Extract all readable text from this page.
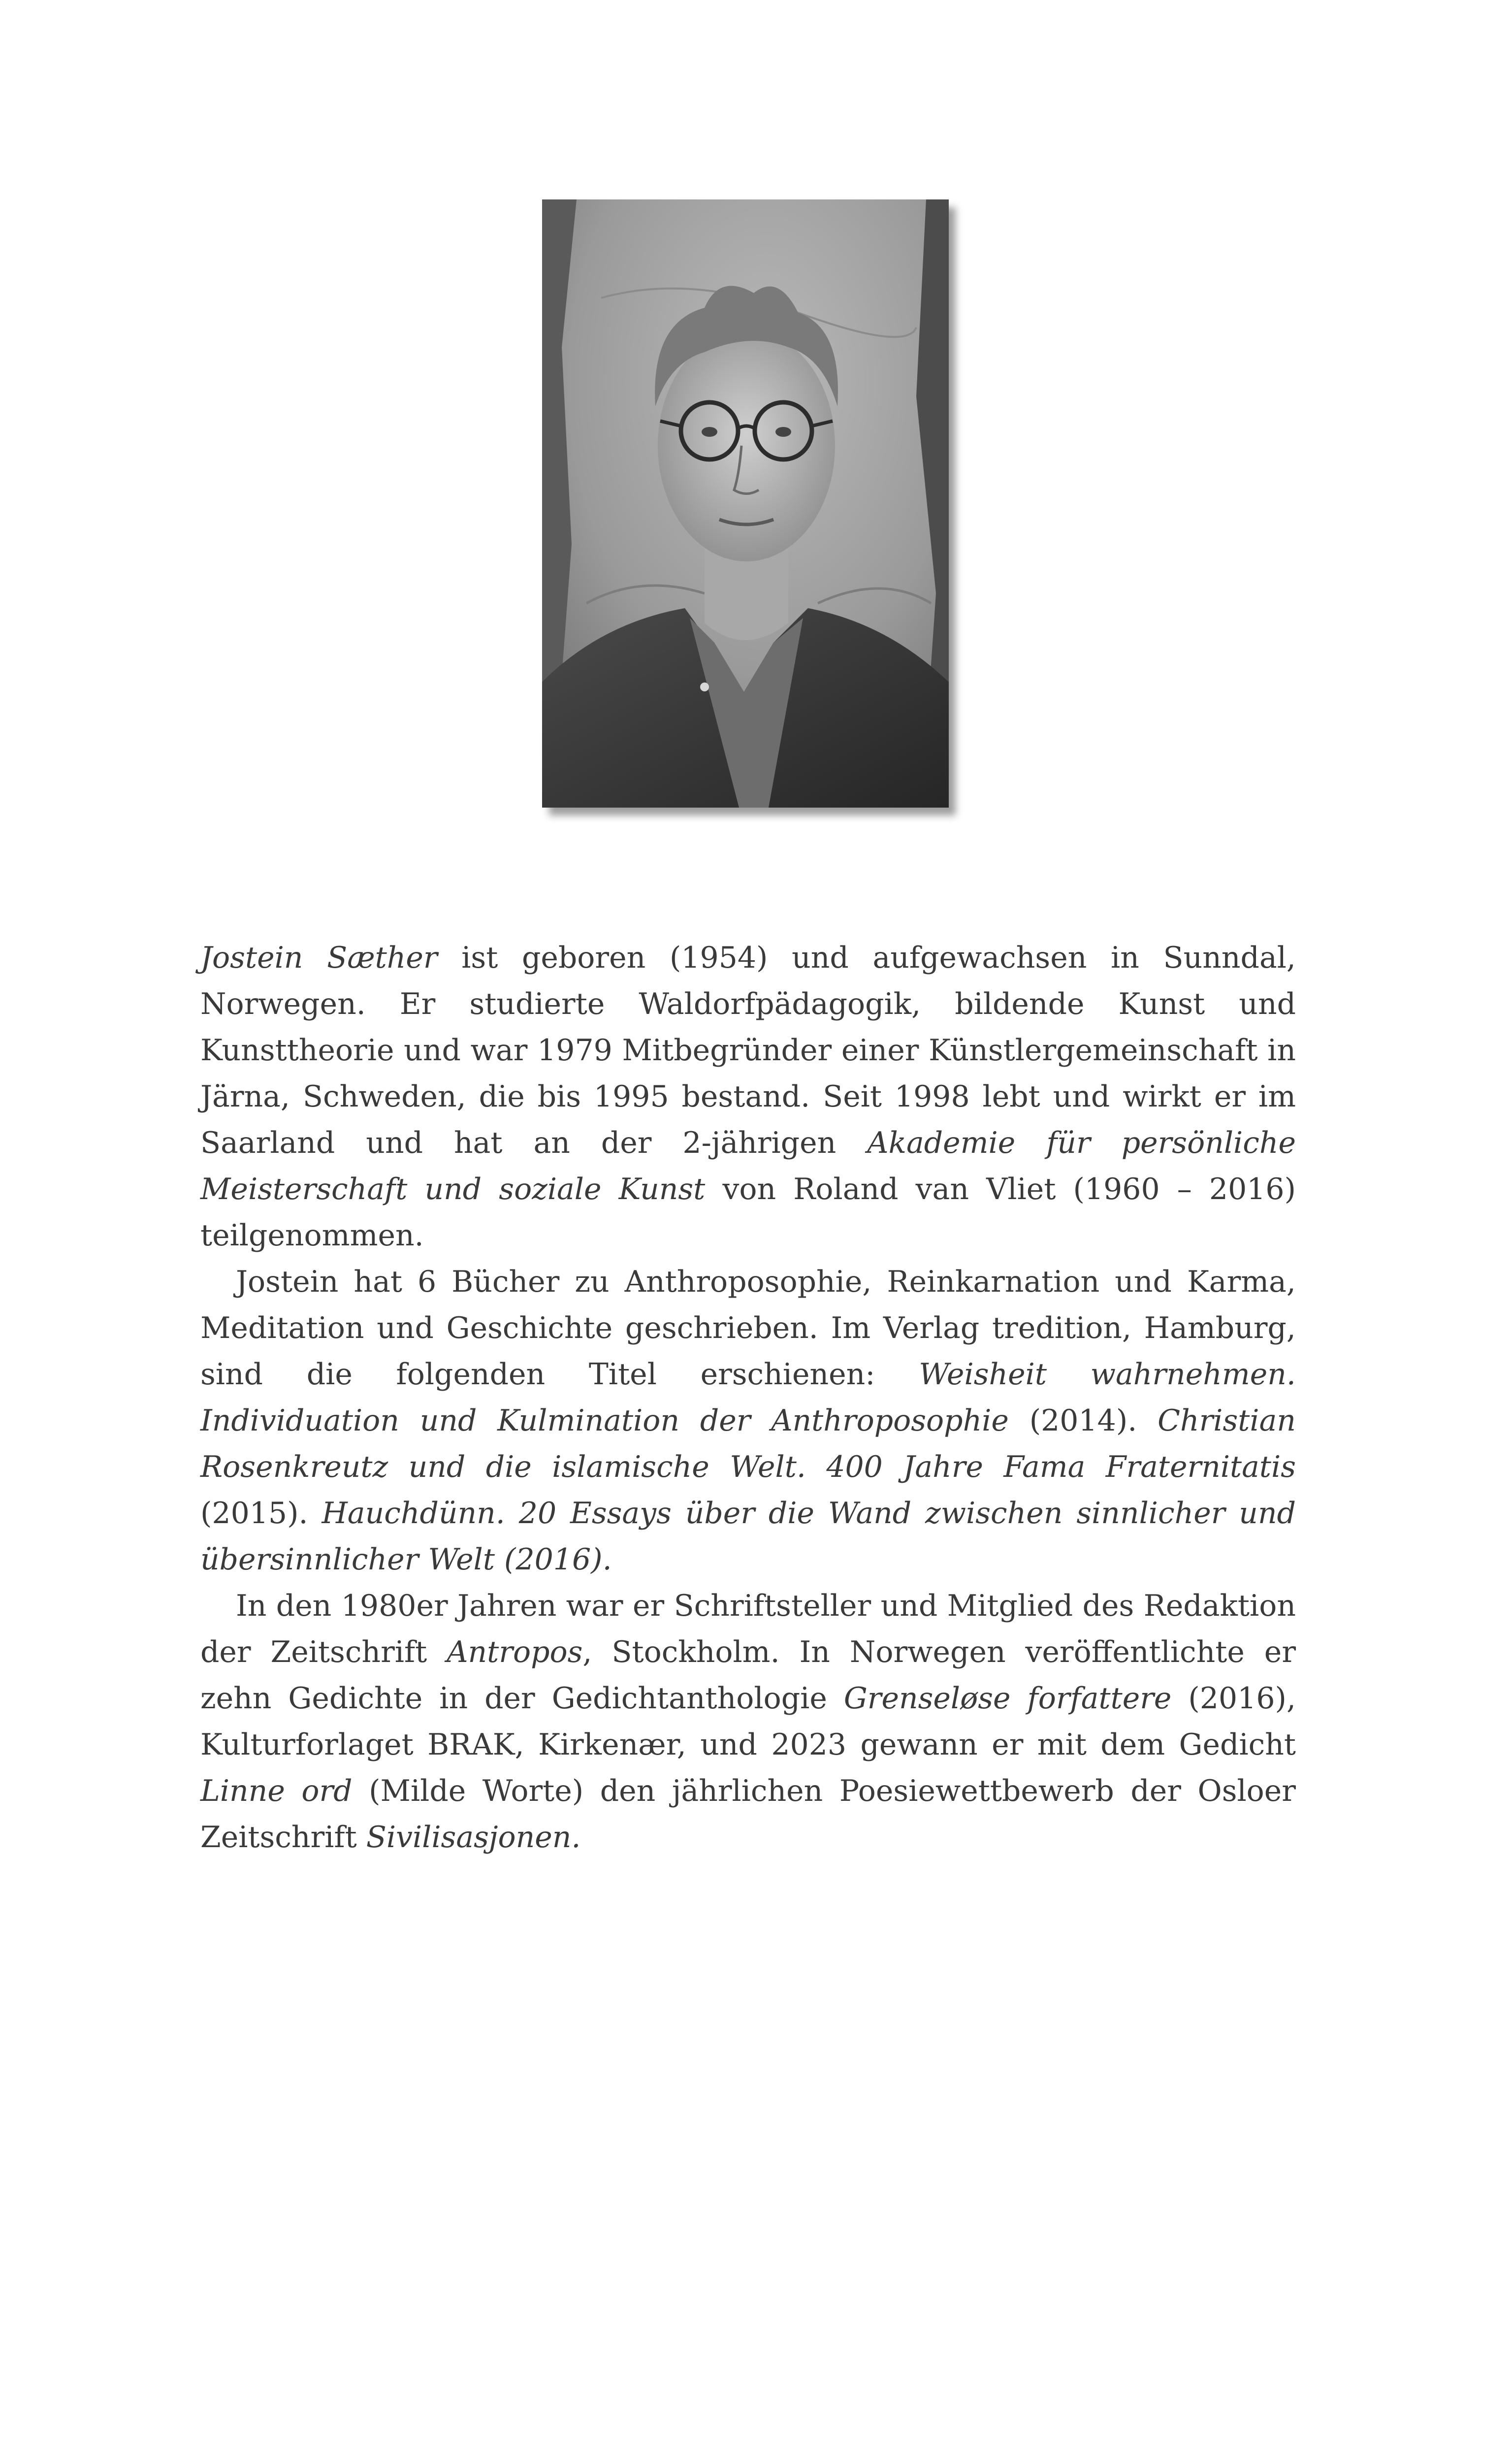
Jostein Sæther ist geboren (1954) und aufgewachsen in Sunndal, Norwegen. Er studierte Waldorfpädagogik, bildende Kunst und Kunsttheorie und war 1979 Mitbegründer einer Künstlergemeinschaft in Järna, Schweden, die bis 1995 bestand. Seit 1998 lebt und wirkt er im Saarland und hat an der 2-jährigen Akademie für persönliche Meisterschaft und soziale Kunst von Roland van Vliet (1960 – 2016) teilgenommen.

Jostein hat 6 Bücher zu Anthroposophie, Reinkarnation und Karma, Meditation und Geschichte geschrieben. Im Verlag tredition, Hamburg, sind die folgenden Titel erschienen: Weisheit wahrnehmen. Individuation und Kulmination der Anthroposophie (2014). Christian Rosenkreutz und die islamische Welt. 400 Jahre Fama Fraternitatis (2015). Hauchdünn. 20 Essays über die Wand zwischen sinnlicher und übersinnlicher Welt (2016).

In den 1980er Jahren war er Schriftsteller und Mitglied des Redaktion der Zeitschrift Antropos, Stockholm. In Norwegen veröffentlichte er zehn Gedichte in der Gedichtanthologie Grenseløse forfattere (2016), Kulturforlaget BRAK, Kirkenær, und 2023 gewann er mit dem Gedicht Linne ord (Milde Worte) den jährlichen Poesiewettbewerb der Osloer Zeitschrift Sivilisasjonen.
